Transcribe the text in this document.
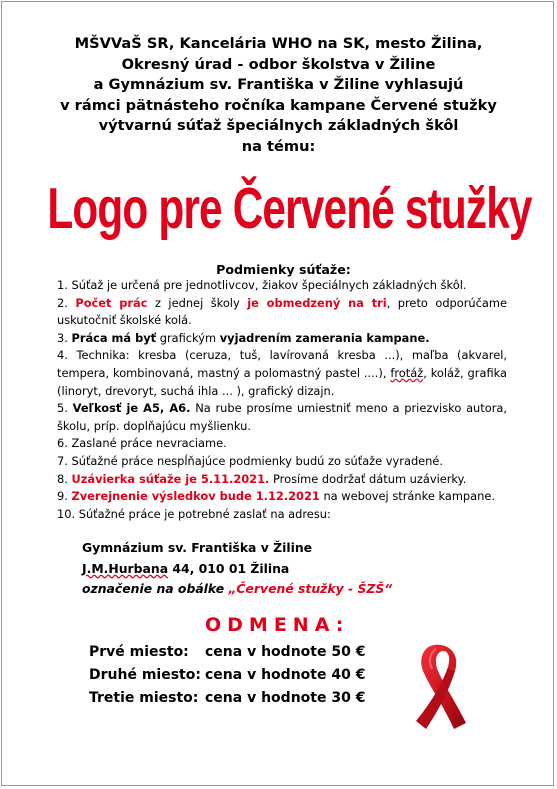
MŠVVaŠ SR, Kancelária WHO na SK, mesto Žilina,
Okresný úrad - odbor školstva v Žiline
a Gymnázium sv. Františka v Žiline vyhlasujú
v rámci pätnásteho ročníka kampane Červené stužky
výtvarnú súťaž špeciálnych základných škôl
na tému:
Logo pre Červené stužky
Podmienky súťaže:

1. Súťaž je určená pre jednotlivcov, žiakov špeciálnych základných škôl.

2. Počet prác z jednej školy je obmedzený na tri, preto odporúčame uskutočniť školské kolá.

3. Práca má byť grafickým vyjadrením zamerania kampane.

4. Technika: kresba (ceruza, tuš, lavírovaná kresba ...), maľba (akvarel, tempera, kombinovaná, mastný a polomastný pastel ....), frotáž, koláž, grafika (linoryt, drevoryt, suchá ihla ... ), grafický dizajn.

5. Veľkosť je A5, A6. Na rube prosíme umiestniť meno a priezvisko autora, školu, príp. doplňajúcu myšlienku.

6. Zaslané práce nevraciame.

7. Súťažné práce nespĺňajúce podmienky budú zo súťaže vyradené.

8. Uzávierka súťaže je 5.11.2021. Prosíme dodržať dátum uzávierky.

9. Zverejnenie výsledkov bude 1.12.2021 na webovej stránke kampane.

10. Súťažné práce je potrebné zaslať na adresu:

Gymnázium sv. Františka v Žiline
J.M.Hurbana 44, 010 01 Žilina
označenie na obálke „Červené stužky - ŠZŠ“
ODMENA:
Prvé miesto: cena v hodnote 50 €
Druhé miesto: cena v hodnote 40 €
Tretie miesto: cena v hodnote 30 €
